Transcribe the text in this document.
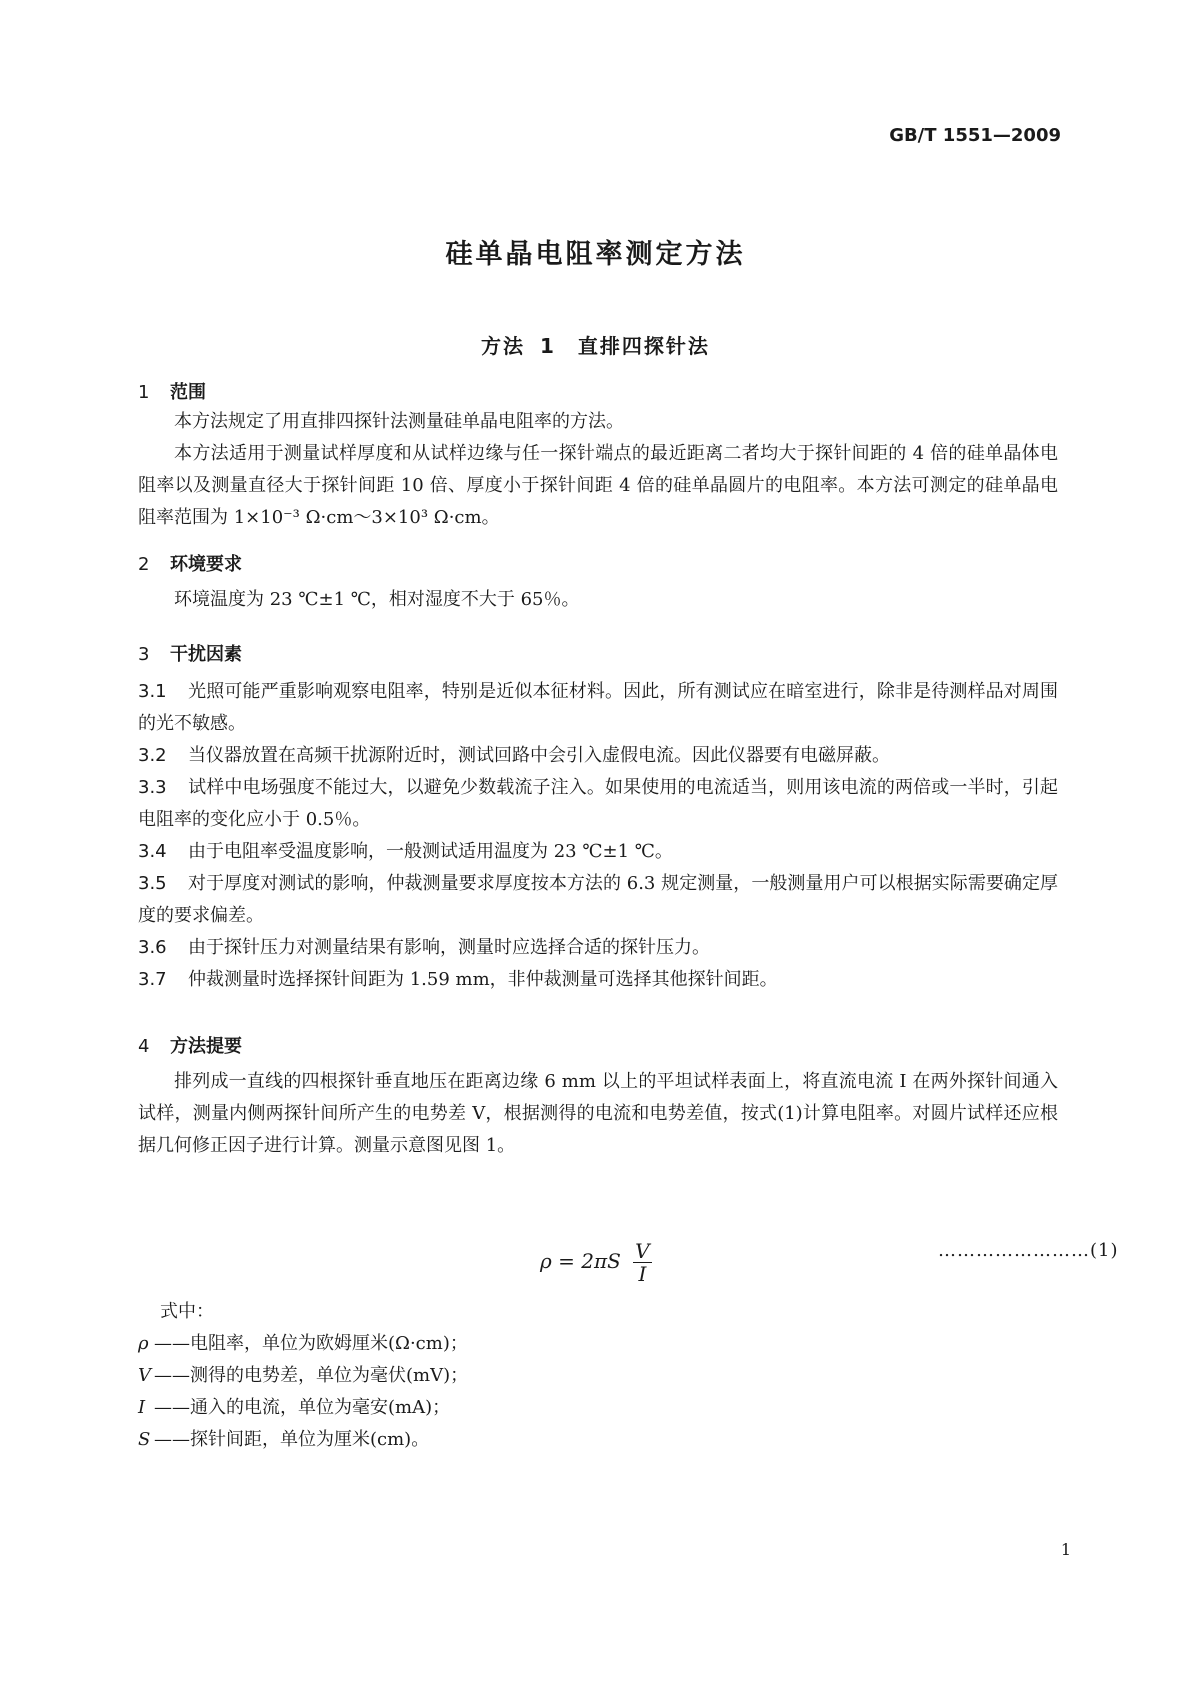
GB/T 1551—2009
硅单晶电阻率测定方法
方法 1　直排四探针法
1 范围
本方法规定了用直排四探针法测量硅单晶电阻率的方法。
本方法适用于测量试样厚度和从试样边缘与任一探针端点的最近距离二者均大于探针间距的 4 倍的硅单晶体电阻率以及测量直径大于探针间距 10 倍、厚度小于探针间距 4 倍的硅单晶圆片的电阻率。本方法可测定的硅单晶电阻率范围为 1×10⁻³ Ω·cm～3×10³ Ω·cm。
2 环境要求
环境温度为 23 ℃±1 ℃，相对湿度不大于 65％。
3 干扰因素
3.1 光照可能严重影响观察电阻率，特别是近似本征材料。因此，所有测试应在暗室进行，除非是待测样品对周围的光不敏感。
3.2 当仪器放置在高频干扰源附近时，测试回路中会引入虚假电流。因此仪器要有电磁屏蔽。
3.3 试样中电场强度不能过大，以避免少数载流子注入。如果使用的电流适当，则用该电流的两倍或一半时，引起电阻率的变化应小于 0.5％。
3.4 由于电阻率受温度影响，一般测试适用温度为 23 ℃±1 ℃。
3.5 对于厚度对测试的影响，仲裁测量要求厚度按本方法的 6.3 规定测量，一般测量用户可以根据实际需要确定厚度的要求偏差。
3.6 由于探针压力对测量结果有影响，测量时应选择合适的探针压力。
3.7 仲裁测量时选择探针间距为 1.59 mm，非仲裁测量可选择其他探针间距。
4 方法提要
排列成一直线的四根探针垂直地压在距离边缘 6 mm 以上的平坦试样表面上，将直流电流 I 在两外探针间通入试样，测量内侧两探针间所产生的电势差 V，根据测得的电流和电势差值，按式(1)计算电阻率。对圆片试样还应根据几何修正因子进行计算。测量示意图见图 1。
$\rho = 2\pi S \frac{V}{I}$	……………………(1)
式中：
ρ ——电阻率，单位为欧姆厘米(Ω·cm)；
V ——测得的电势差，单位为毫伏(mV)；
I ——通入的电流，单位为毫安(mA)；
S ——探针间距，单位为厘米(cm)。
1
